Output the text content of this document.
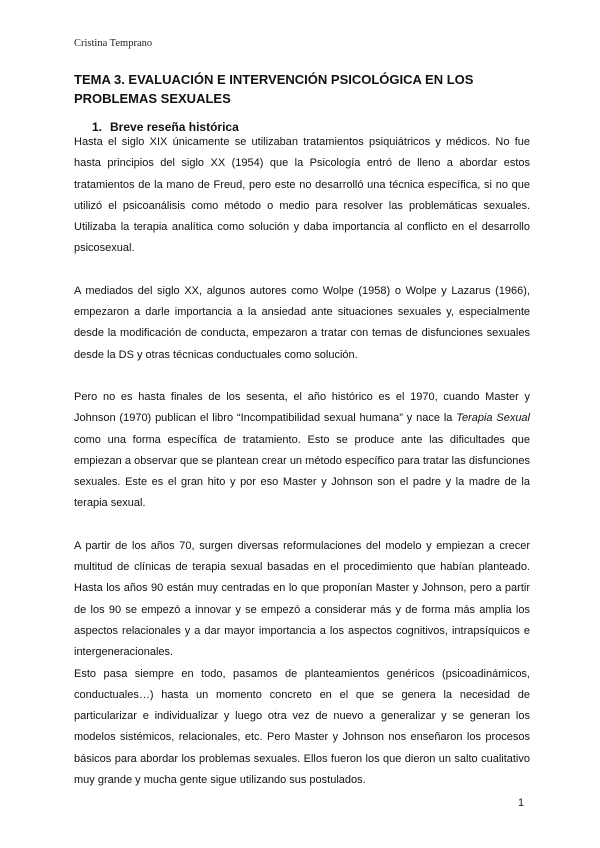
Cristina Temprano
TEMA 3. EVALUACIÓN E INTERVENCIÓN PSICOLÓGICA EN LOS PROBLEMAS SEXUALES
1. Breve reseña histórica

Hasta el siglo XIX únicamente se utilizaban tratamientos psiquiátricos y médicos. No fue hasta principios del siglo XX (1954) que la Psicología entró de lleno a abordar estos tratamientos de la mano de Freud, pero este no desarrolló una técnica específica, si no que utilizó el psicoanálisis como método o medio para resolver las problemáticas sexuales. Utilizaba la terapia analítica como solución y daba importancia al conflicto en el desarrollo psicosexual.

A mediados del siglo XX, algunos autores como Wolpe (1958) o Wolpe y Lazarus (1966), empezaron a darle importancia a la ansiedad ante situaciones sexuales y, especialmente desde la modificación de conducta, empezaron a tratar con temas de disfunciones sexuales desde la DS y otras técnicas conductuales como solución.

Pero no es hasta finales de los sesenta, el año histórico es el 1970, cuando Master y Johnson (1970) publican el libro “Incompatibilidad sexual humana” y nace la Terapia Sexual como una forma específica de tratamiento. Esto se produce ante las dificultades que empiezan a observar que se plantean crear un método específico para tratar las disfunciones sexuales. Este es el gran hito y por eso Master y Johnson son el padre y la madre de la terapia sexual.

A partir de los años 70, surgen diversas reformulaciones del modelo y empiezan a crecer multitud de clínicas de terapia sexual basadas en el procedimiento que habían planteado. Hasta los años 90 están muy centradas en lo que proponían Master y Johnson, pero a partir de los 90 se empezó a innovar y se empezó a considerar más y de forma más amplia los aspectos relacionales y a dar mayor importancia a los aspectos cognitivos, intrapsíquicos e intergeneracionales.

Esto pasa siempre en todo, pasamos de planteamientos genéricos (psicoadinámicos, conductuales…) hasta un momento concreto en el que se genera la necesidad de particularizar e individualizar y luego otra vez de nuevo a generalizar y se generan los modelos sistémicos, relacionales, etc. Pero Master y Johnson nos enseñaron los procesos básicos para abordar los problemas sexuales. Ellos fueron los que dieron un salto cualitativo muy grande y mucha gente sigue utilizando sus postulados.

1
